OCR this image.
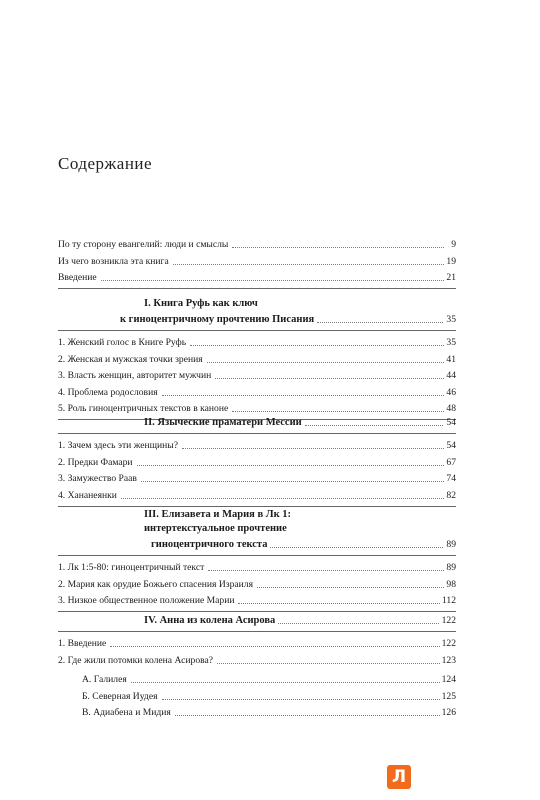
Содержание
По ту сторону евангелий: люди и смыслы	9
Из чего возникла эта книга	19
Введение	21
I. Книга Руфь как ключ
к гиноцентричному прочтению Писания	35
1. Женский голос в Книге Руфь	35
2. Женская и мужская точки зрения	41
3. Власть женщин, авторитет мужчин	44
4. Проблема родословия	46
5. Роль гиноцентричных текстов в каноне	48
II. Языческие праматери Мессии	54
1. Зачем здесь эти женщины?	54
2. Предки Фамари	67
3. Замужество Раав	74
4. Хананеянки	82
III. Елизавета и Мария в Лк 1:
интертекстуальное прочтение
гиноцентричного текста	89
1. Лк 1:5-80: гиноцентричный текст	89
2. Мария как орудие Божьего спасения Израиля	98
3. Низкое общественное положение Марии	112
IV. Анна из колена Асирова	122
1. Введение	122
2. Где жили потомки колена Асирова?	123
А. Галилея	124
Б. Северная Иудея	125
В. Адиабена и Мидия	126
Л
